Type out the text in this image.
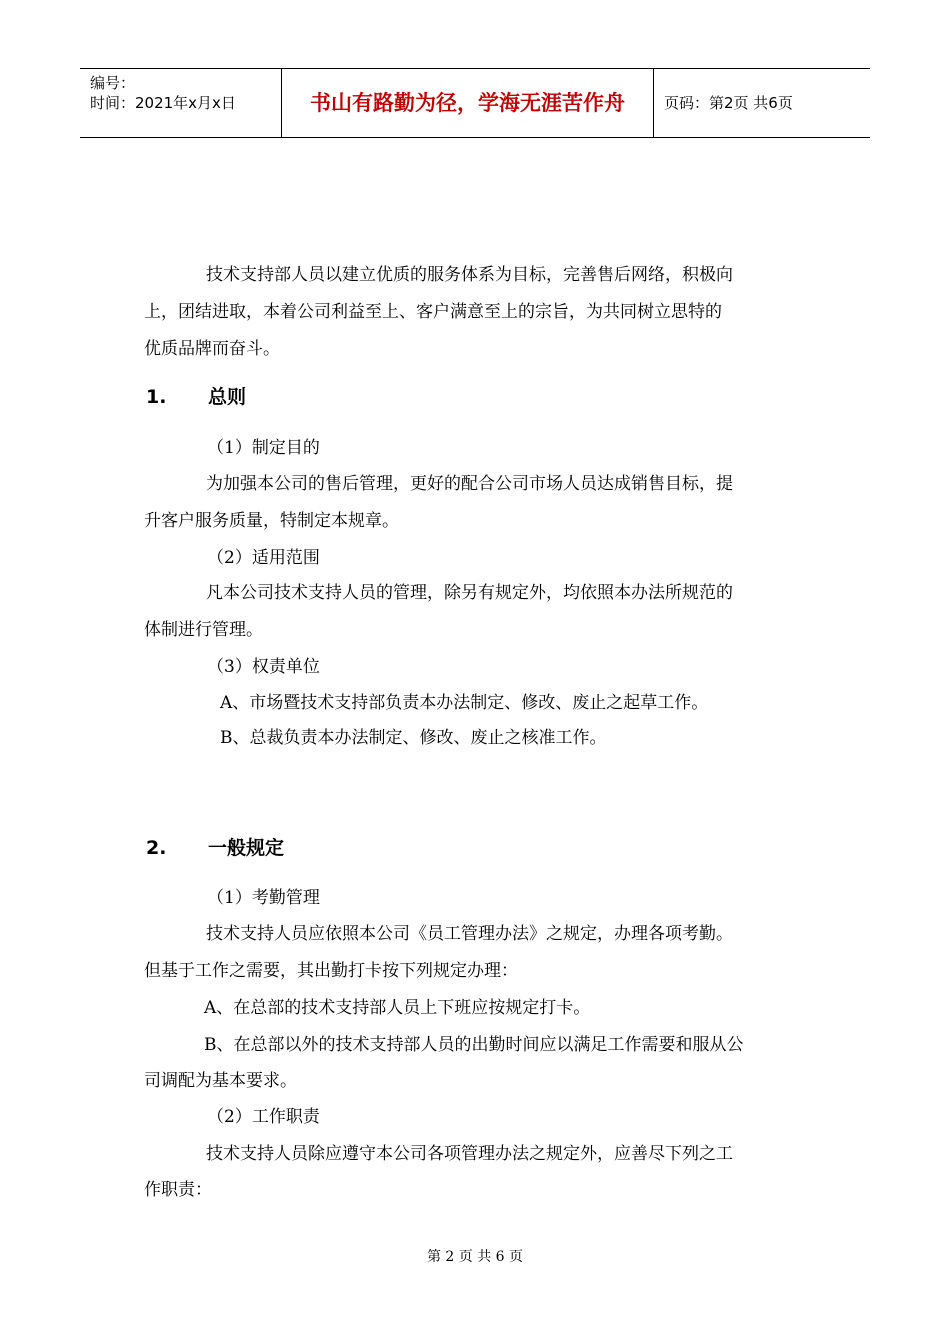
编号：
时间：2021年x月x日	书山有路勤为径，学海无涯苦作舟	页码：第2页 共6页
技术支持部人员以建立优质的服务体系为目标，完善售后网络，积极向
上，团结进取，本着公司利益至上、客户满意至上的宗旨，为共同树立思特的
优质品牌而奋斗。
1. 总则
（1）制定目的
为加强本公司的售后管理，更好的配合公司市场人员达成销售目标，提
升客户服务质量，特制定本规章。
（2）适用范围
凡本公司技术支持人员的管理，除另有规定外，均依照本办法所规范的
体制进行管理。
（3）权责单位
A、市场暨技术支持部负责本办法制定、修改、废止之起草工作。
B、总裁负责本办法制定、修改、废止之核准工作。
2. 一般规定
（1）考勤管理
技术支持人员应依照本公司《员工管理办法》之规定，办理各项考勤。
但基于工作之需要，其出勤打卡按下列规定办理：
A、在总部的技术支持部人员上下班应按规定打卡。
B、在总部以外的技术支持部人员的出勤时间应以满足工作需要和服从公
司调配为基本要求。
（2）工作职责
技术支持人员除应遵守本公司各项管理办法之规定外，应善尽下列之工
作职责：
第 2 页 共 6 页
